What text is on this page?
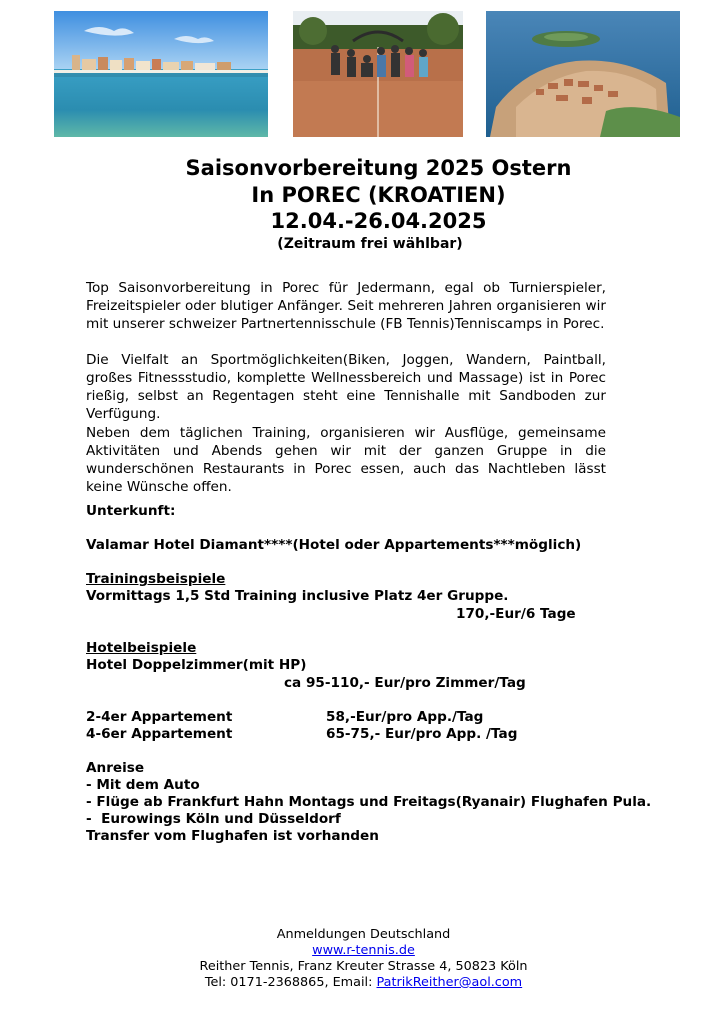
Saisonvorbereitung 2025 Ostern
In POREC (KROATIEN)
12.04.-26.04.2025
(Zeitraum frei wählbar)

Top Saisonvorbereitung in Porec für Jedermann, egal ob Turnierspieler, Freizeitspieler oder blutiger Anfänger. Seit mehreren Jahren organisieren wir mit unserer schweizer Partnertennisschule (FB Tennis)Tenniscamps in Porec.

Die Vielfalt an Sportmöglichkeiten(Biken, Joggen, Wandern, Paintball, großes Fitnessstudio, komplette Wellnessbereich und Massage) ist in Porec rießig, selbst an Regentagen steht eine Tennishalle mit Sandboden zur Verfügung.

Neben dem täglichen Training, organisieren wir Ausflüge, gemeinsame Aktivitäten und Abends gehen wir mit der ganzen Gruppe in die wunderschönen Restaurants in Porec essen, auch das Nachtleben lässt keine Wünsche offen.

Unterkunft:
Valamar Hotel Diamant****(Hotel oder Appartements***möglich)
Trainingsbeispiele
Vormittags 1,5 Std Training inclusive Platz 4er Gruppe.
170,-Eur/6 Tage
Hotelbeispiele
Hotel Doppelzimmer(mit HP)
ca 95-110,- Eur/pro Zimmer/Tag
2-4er Appartement	58,-Eur/pro App./Tag
4-6er Appartement	65-75,- Eur/pro App. /Tag
Anreise
- Mit dem Auto
- Flüge ab Frankfurt Hahn Montags und Freitags(Ryanair) Flughafen Pula.
-  Eurowings Köln und Düsseldorf
Transfer vom Flughafen ist vorhanden
Anmeldungen Deutschland
www.r-tennis.de
Reither Tennis, Franz Kreuter Strasse 4, 50823 Köln
Tel: 0171-2368865, Email: PatrikReither@aol.com
